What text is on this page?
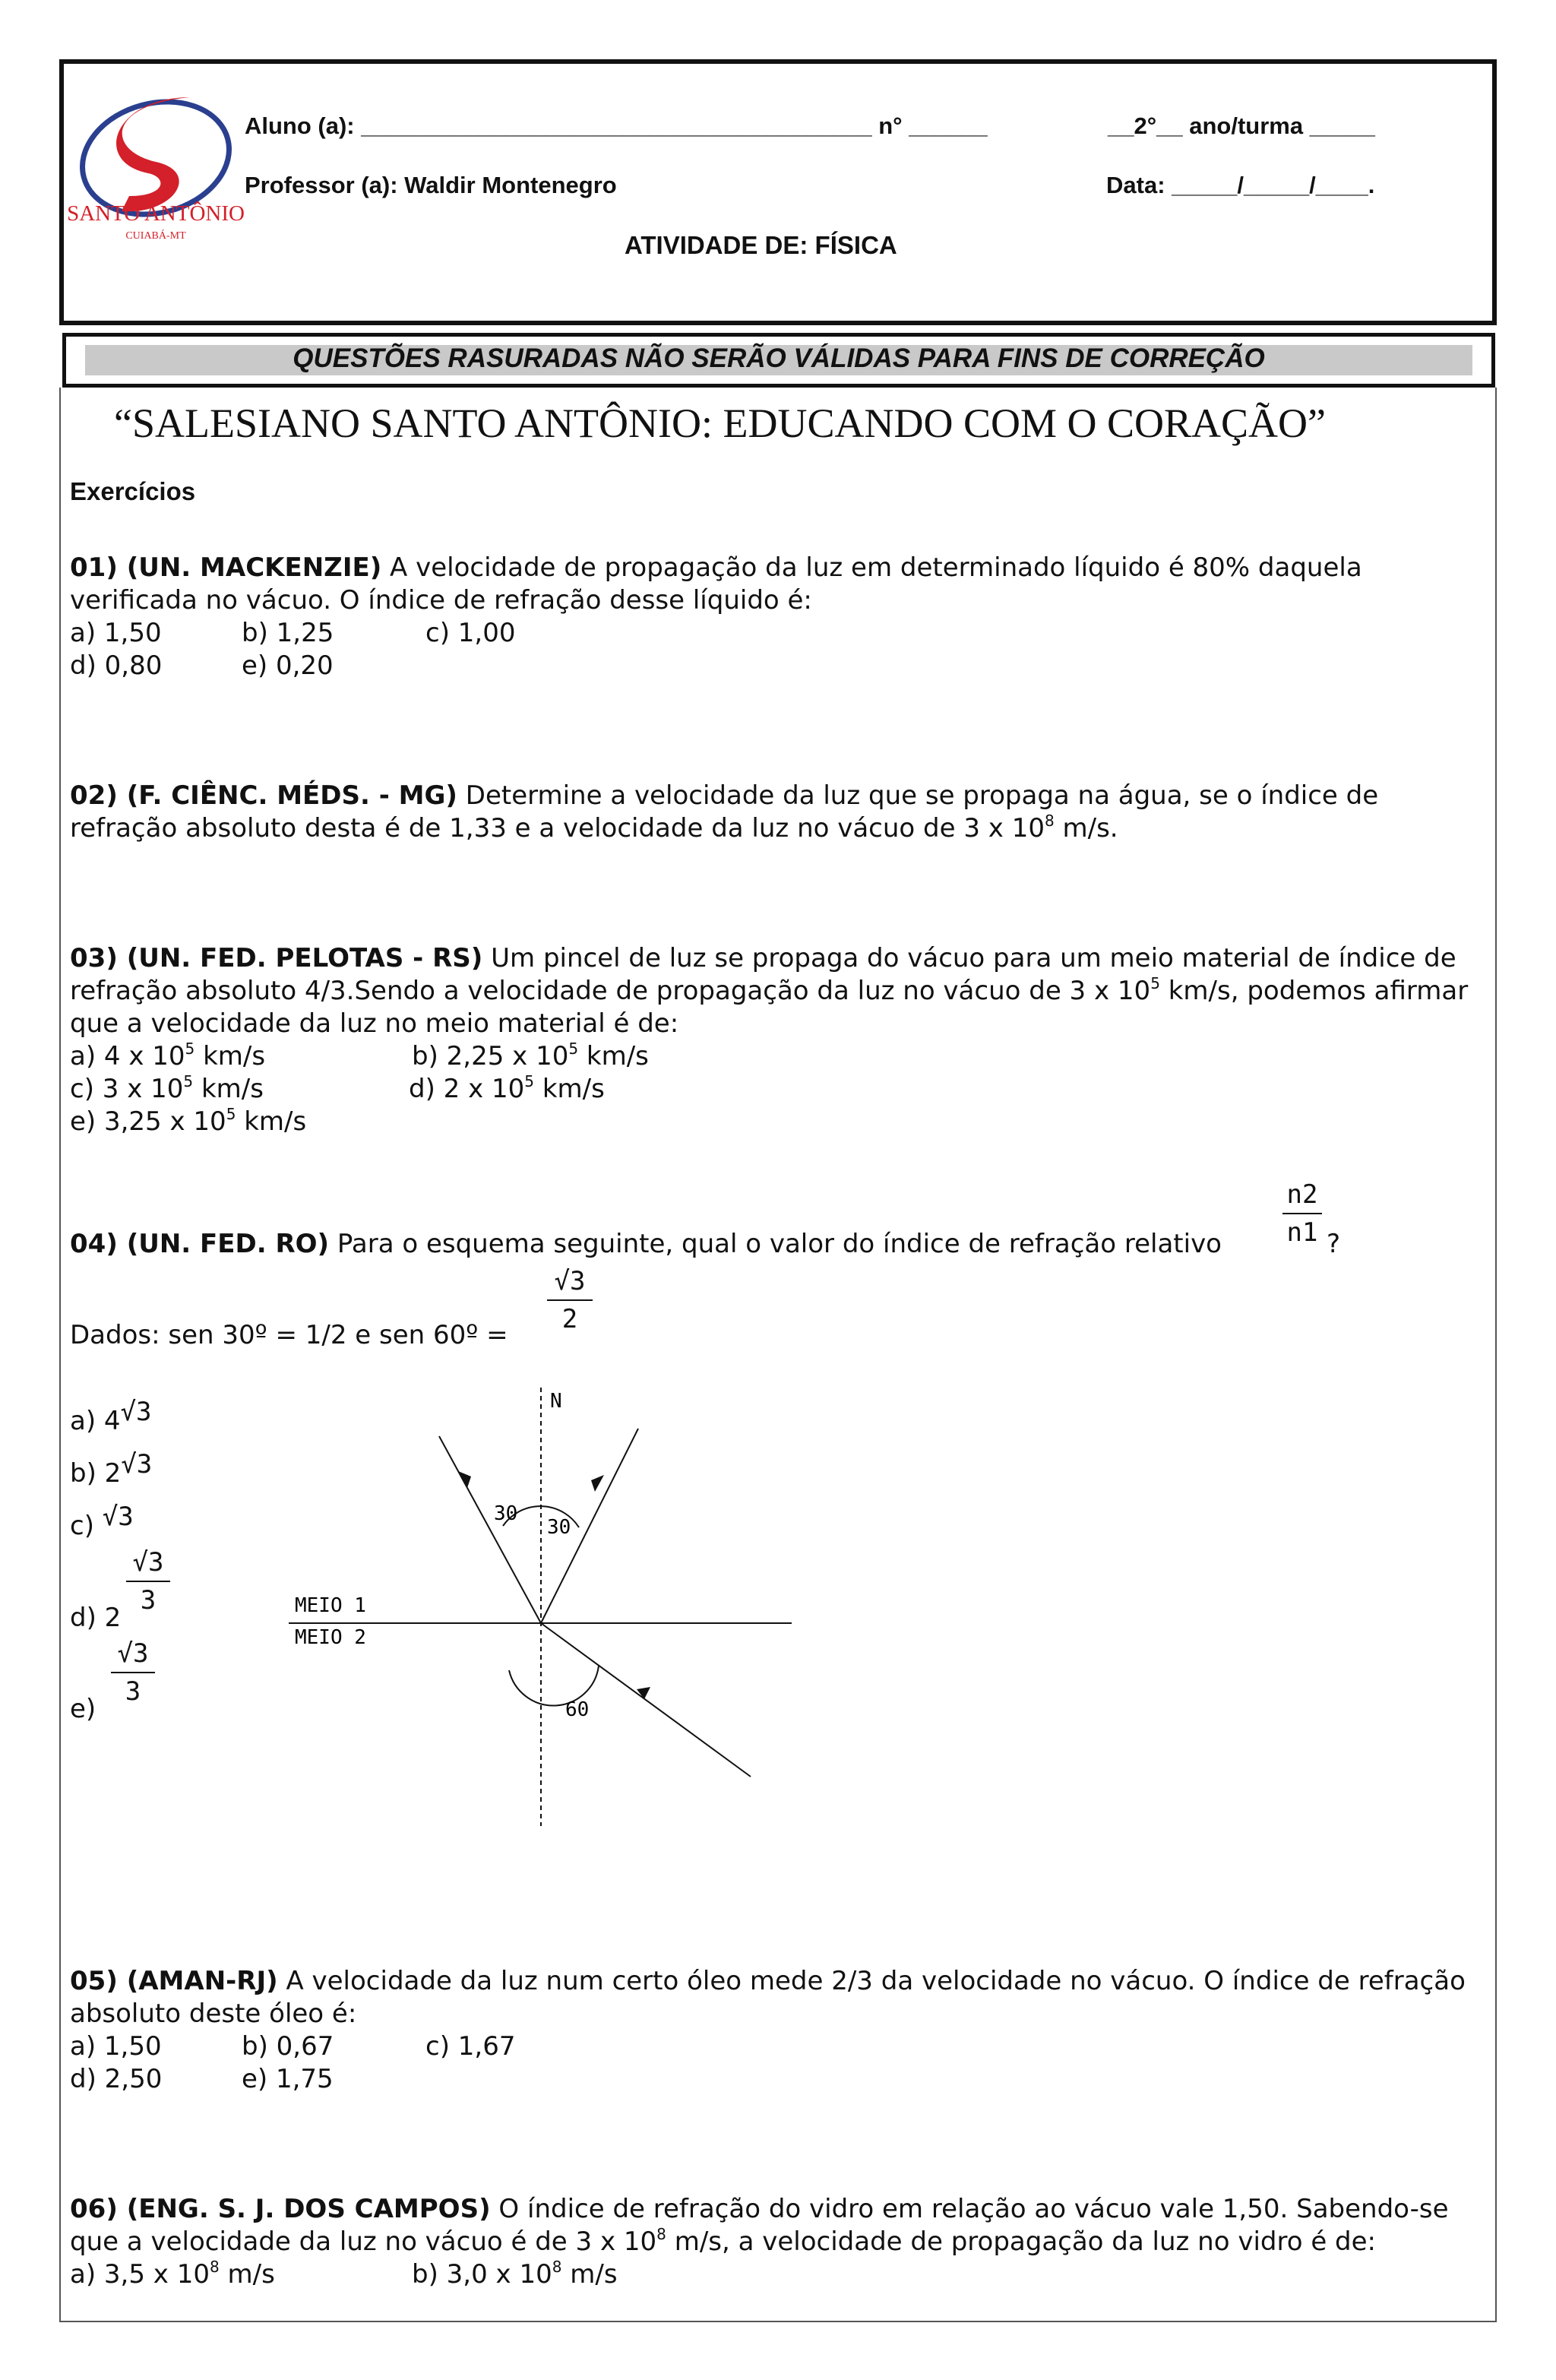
SANTO ANTÔNIO
CUIABÁ-MT
Aluno (a): _______________________________________ n° ______	__2°__ ano/turma _____
Professor (a): Waldir Montenegro	Data: _____/_____/____.
ATIVIDADE DE: FÍSICA
QUESTÕES RASURADAS NÃO SERÃO VÁLIDAS PARA FINS DE CORREÇÃO
“SALESIANO SANTO ANTÔNIO: EDUCANDO COM O CORAÇÃO”
Exercícios
01) (UN. MACKENZIE) A velocidade de propagação da luz em determinado líquido é 80% daquela verificada no vácuo. O índice de refração desse líquido é:
a) 1,50	b) 1,25	c) 1,00
d) 0,80	e) 0,20
02) (F. CIÊNC. MÉDS. - MG) Determine a velocidade da luz que se propaga na água, se o índice de refração absoluto desta é de 1,33 e a velocidade da luz no vácuo de 3 x $10^8$ m/s.
03) (UN. FED. PELOTAS - RS) Um pincel de luz se propaga do vácuo para um meio material de índice de refração absoluto 4/3.Sendo a velocidade de propagação da luz no vácuo de 3 x $10^5$ km/s, podemos afirmar que a velocidade da luz no meio material é de:
a) 4 x $10^5$ km/s	b) 2,25 x $10^5$ km/s
c) 3 x $10^5$ km/s	d) 2 x $10^5$ km/s
e) 3,25 x $10^5$ km/s
n2
n1
04) (UN. FED. RO) Para o esquema seguinte, qual o valor do índice de refração relativo	?
Dados: sen 30º = 1/2 e sen 60º =
√3
2
a) 4√3
b) 2√3
c) √3
d) 2
√3
3
e)
√3
3
N
MEIO 1
MEIO 2
30
30
60
05) (AMAN-RJ) A velocidade da luz num certo óleo mede 2/3 da velocidade no vácuo. O índice de refração absoluto deste óleo é:
a) 1,50	b) 0,67	c) 1,67
d) 2,50	e) 1,75
06) (ENG. S. J. DOS CAMPOS) O índice de refração do vidro em relação ao vácuo vale 1,50. Sabendo-se que a velocidade da luz no vácuo é de 3 x $10^8$ m/s, a velocidade de propagação da luz no vidro é de:
a) 3,5 x $10^8$ m/s	b) 3,0 x $10^8$ m/s
